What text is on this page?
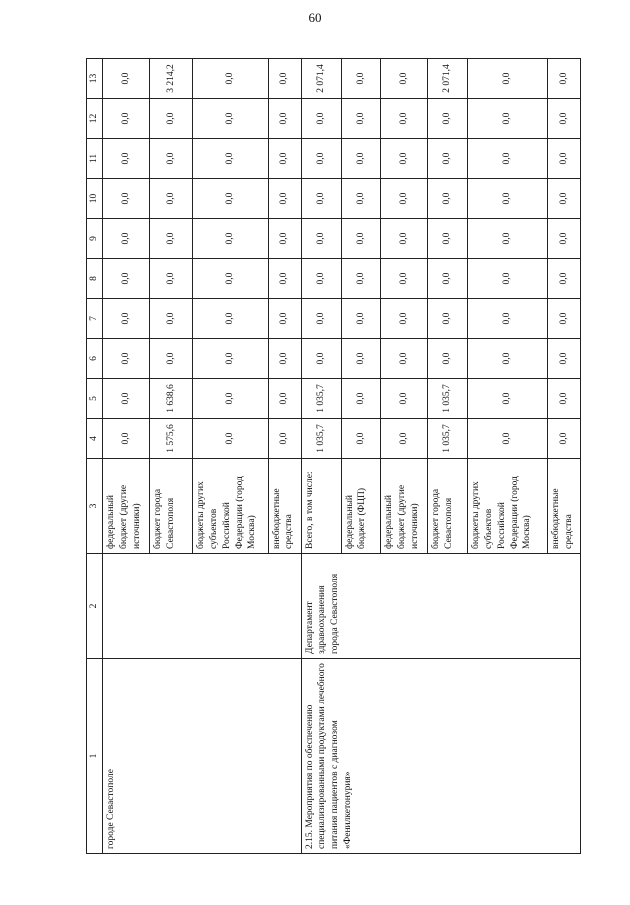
60
1	2	3	4	5	6	7	8	9	10	11	12	13
городе Севастополе		федеральный бюджет (другие источники)	0,0	0,0	0,0	0,0	0,0	0,0	0,0	0,0	0,0	0,0
		бюджет города Севастополя	1 575,6	1 638,6	0,0	0,0	0,0	0,0	0,0	0,0	0,0	3 214,2
		бюджеты других субъектов Российской Федерации (город Москва)	0,0	0,0	0,0	0,0	0,0	0,0	0,0	0,0	0,0	0,0
		внебюджетные средства	0,0	0,0	0,0	0,0	0,0	0,0	0,0	0,0	0,0	0,0
2.15. Мероприятия по обеспечению специализированными продуктами лечебного питания пациентов с диагнозом «Фенилкетонурия»	Департамент здравоохранения города Севастополя	Всего, в том числе:	1 035,7	1 035,7	0,0	0,0	0,0	0,0	0,0	0,0	0,0	2 071,4
		федеральный бюджет (ФЦП)	0,0	0,0	0,0	0,0	0,0	0,0	0,0	0,0	0,0	0,0
		федеральный бюджет (другие источники)	0,0	0,0	0,0	0,0	0,0	0,0	0,0	0,0	0,0	0,0
		бюджет города Севастополя	1 035,7	1 035,7	0,0	0,0	0,0	0,0	0,0	0,0	0,0	2 071,4
		бюджеты других субъектов Российской Федерации (город Москва)	0,0	0,0	0,0	0,0	0,0	0,0	0,0	0,0	0,0	0,0
		внебюджетные средства	0,0	0,0	0,0	0,0	0,0	0,0	0,0	0,0	0,0	0,0
